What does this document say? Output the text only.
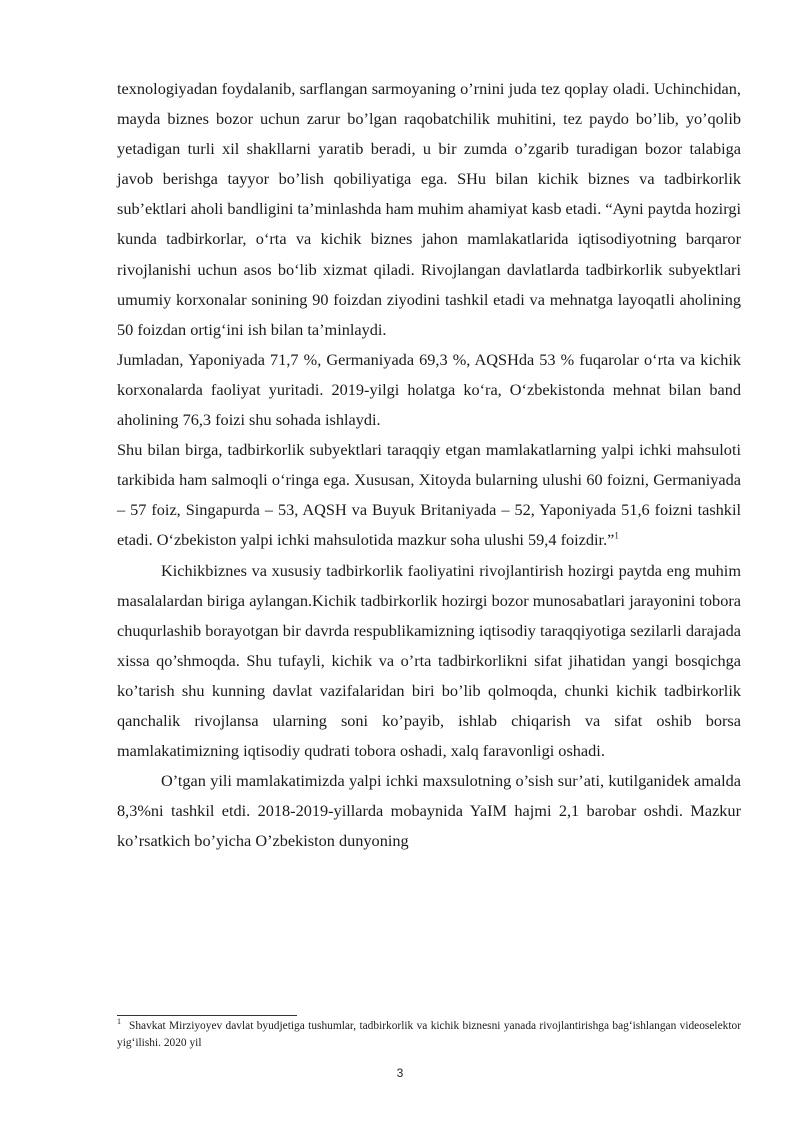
texnologiyadan foydalanib, sarflangan sarmoyaning o’rnini juda tez qoplay oladi. Uchinchidan, mayda biznes bozor uchun zarur bo’lgan raqobatchilik muhitini, tez paydo bo’lib, yo’qolib yetadigan turli xil shakllarni yaratib beradi, u bir zumda o’zgarib turadigan bozor talabiga javob berishga tayyor bo’lish qobiliyatiga ega. SHu bilan kichik biznes va tadbirkorlik sub’ektlari aholi bandligini ta’minlashda ham muhim ahamiyat kasb etadi. “Ayni paytda hozirgi kunda tadbirkorlar, o‘rta va kichik biznes jahon mamlakatlarida iqtisodiyotning barqaror rivojlanishi uchun asos bo‘lib xizmat qiladi. Rivojlangan davlatlarda tadbirkorlik subyektlari umumiy korxonalar sonining 90 foizdan ziyodini tashkil etadi va mehnatga layoqatli aholining 50 foizdan ortig‘ini ish bilan ta’minlaydi.

Jumladan, Yaponiyada 71,7 %, Germaniyada 69,3 %, AQSHda 53 % fuqarolar o‘rta va kichik korxonalarda faoliyat yuritadi. 2019-yilgi holatga ko‘ra, O‘zbekistonda mehnat bilan band aholining 76,3 foizi shu sohada ishlaydi.

Shu bilan birga, tadbirkorlik subyektlari taraqqiy etgan mamlakatlarning yalpi ichki mahsuloti tarkibida ham salmoqli o‘ringa ega. Xususan, Xitoyda bularning ulushi 60 foizni, Germaniyada – 57 foiz, Singapurda – 53, AQSH va Buyuk Britaniyada – 52, Yaponiyada 51,6 foizni tashkil etadi. O‘zbekiston yalpi ichki mahsulotida mazkur soha ulushi 59,4 foizdir.”$^1$

Kichikbiznes va xususiy tadbirkorlik faoliyatini rivojlantirish hozirgi paytda eng muhim masalalardan biriga aylangan.Kichik tadbirkorlik hozirgi bozor munosabatlari jarayonini tobora chuqurlashib borayotgan bir davrda respublikamizning iqtisodiy taraqqiyotiga sezilarli darajada xissa qo’shmoqda. Shu tufayli, kichik va o’rta tadbirkorlikni sifat jihatidan yangi bosqichga ko’tarish shu kunning davlat vazifalaridan biri bo’lib qolmoqda, chunki kichik tadbirkorlik qanchalik rivojlansa ularning soni ko’payib, ishlab chiqarish va sifat oshib borsa mamlakatimizning iqtisodiy qudrati tobora oshadi, xalq faravonligi oshadi.

O’tgan yili mamlakatimizda yalpi ichki maxsulotning o’sish sur’ati, kutilganidek amalda 8,3%ni tashkil etdi. 2018-2019-yillarda mobaynida YaIM hajmi 2,1 barobar oshdi. Mazkur ko’rsatkich bo’yicha O’zbekiston dunyoning

$^1$ Shavkat Mirziyoyev davlat byudjetiga tushumlar, tadbirkorlik va kichik biznesni yanada rivojlantirishga bag‘ishlangan videoselektor yig‘ilishi. 2020 yil
3
